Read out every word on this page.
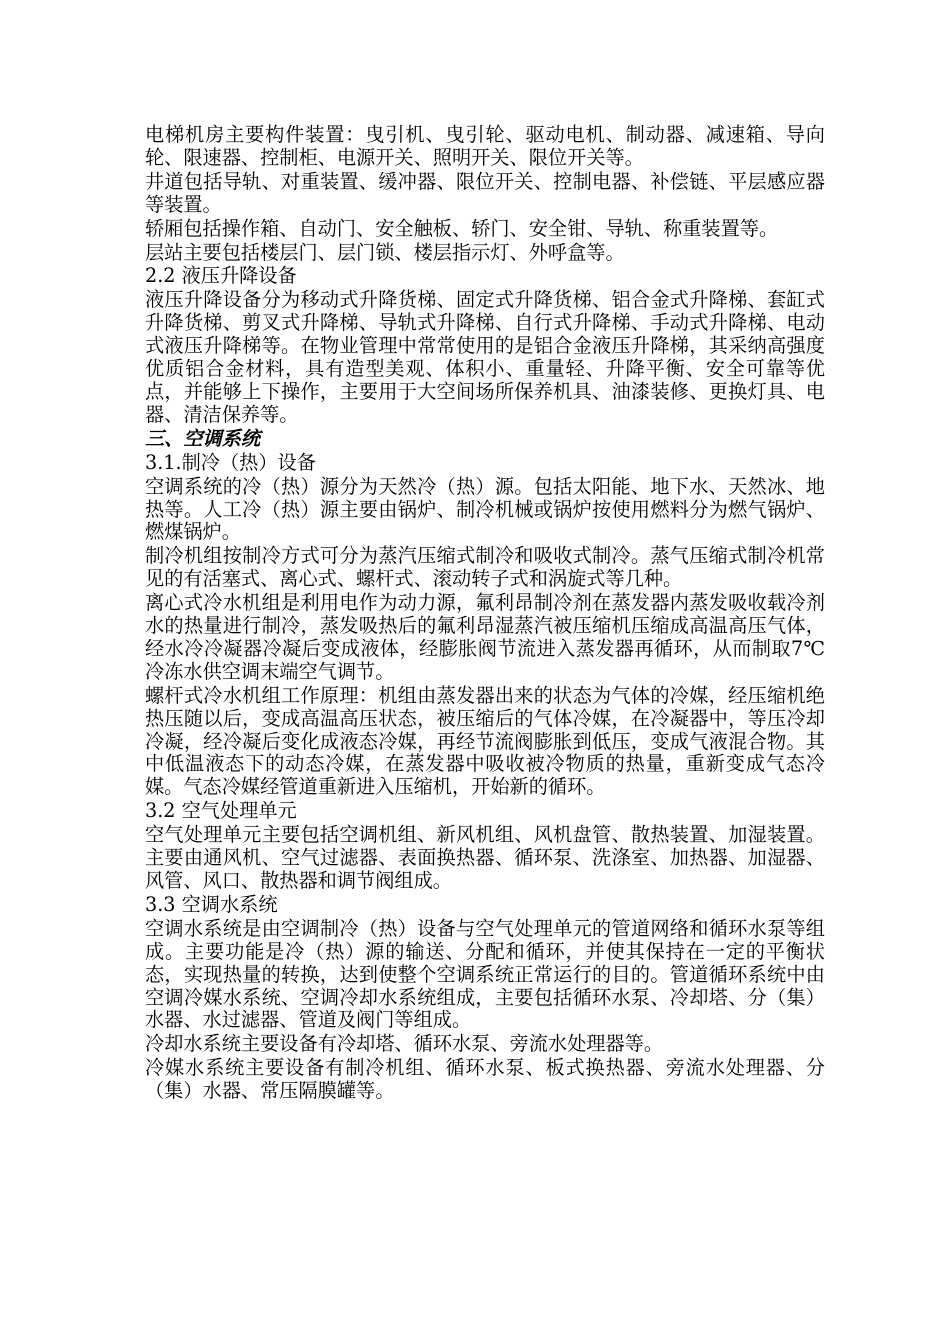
电梯机房主要构件装置：曳引机、曳引轮、驱动电机、制动器、减速箱、导向轮、限速器、控制柜、电源开关、照明开关、限位开关等。

井道包括导轨、对重装置、缓冲器、限位开关、控制电器、补偿链、平层感应器等装置。

轿厢包括操作箱、自动门、安全触板、轿门、安全钳、导轨、称重装置等。

层站主要包括楼层门、层门锁、楼层指示灯、外呼盒等。

2.2 液压升降设备

液压升降设备分为移动式升降货梯、固定式升降货梯、铝合金式升降梯、套缸式升降货梯、剪叉式升降梯、导轨式升降梯、自行式升降梯、手动式升降梯、电动式液压升降梯等。在物业管理中常常使用的是铝合金液压升降梯，其采纳高强度优质铝合金材料，具有造型美观、体积小、重量轻、升降平衡、安全可靠等优点，并能够上下操作，主要用于大空间场所保养机具、油漆装修、更换灯具、电器、清洁保养等。

三、空调系统

3.1.制冷（热）设备

空调系统的冷（热）源分为天然冷（热）源。包括太阳能、地下水、天然冰、地热等。人工冷（热）源主要由锅炉、制冷机械或锅炉按使用燃料分为燃气锅炉、燃煤锅炉。

制冷机组按制冷方式可分为蒸汽压缩式制冷和吸收式制冷。蒸气压缩式制冷机常见的有活塞式、离心式、螺杆式、滚动转子式和涡旋式等几种。

离心式冷水机组是利用电作为动力源，氟利昂制冷剂在蒸发器内蒸发吸收载冷剂水的热量进行制冷，蒸发吸热后的氟利昂湿蒸汽被压缩机压缩成高温高压气体，经水冷冷凝器冷凝后变成液体，经膨胀阀节流进入蒸发器再循环，从而制取7℃冷冻水供空调末端空气调节。

螺杆式冷水机组工作原理：机组由蒸发器出来的状态为气体的冷媒，经压缩机绝热压随以后，变成高温高压状态，被压缩后的气体冷媒，在冷凝器中，等压冷却冷凝，经冷凝后变化成液态冷媒，再经节流阀膨胀到低压，变成气液混合物。其中低温液态下的动态冷媒，在蒸发器中吸收被冷物质的热量，重新变成气态冷媒。气态冷媒经管道重新进入压缩机，开始新的循环。

3.2 空气处理单元

空气处理单元主要包括空调机组、新风机组、风机盘管、散热装置、加湿装置。主要由通风机、空气过滤器、表面换热器、循环泵、洗涤室、加热器、加湿器、风管、风口、散热器和调节阀组成。

3.3 空调水系统

空调水系统是由空调制冷（热）设备与空气处理单元的管道网络和循环水泵等组成。主要功能是冷（热）源的输送、分配和循环，并使其保持在一定的平衡状态，实现热量的转换，达到使整个空调系统正常运行的目的。管道循环系统中由空调冷媒水系统、空调冷却水系统组成，主要包括循环水泵、冷却塔、分（集）水器、水过滤器、管道及阀门等组成。

冷却水系统主要设备有冷却塔、循环水泵、旁流水处理器等。

冷媒水系统主要设备有制冷机组、循环水泵、板式换热器、旁流水处理器、分（集）水器、常压隔膜罐等。
